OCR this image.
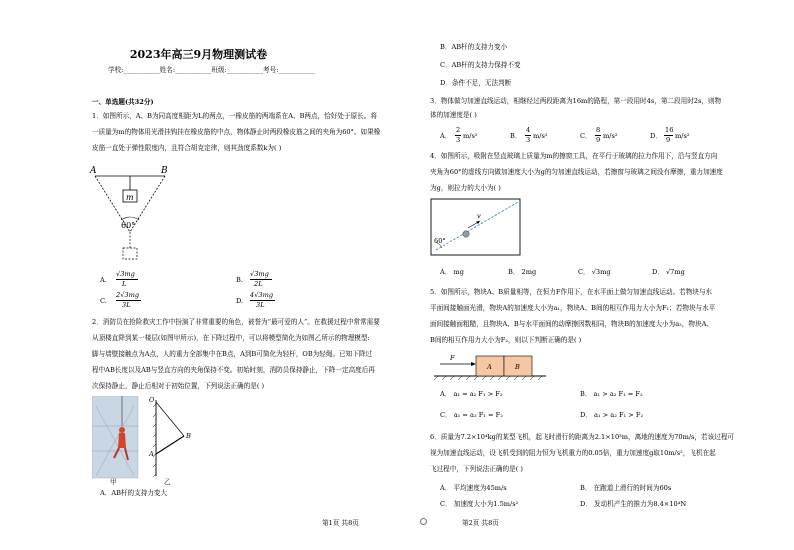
2023年高三9月物理测试卷
学校:___________姓名:___________班级:___________考号:___________
一、单选题(共32分)
1．如图所示，A、B为同高度相距为L的两点，一橡皮筋的两端系在A、B两点，恰好处于原长。将
一质量为m的物体用光滑挂钩挂在橡皮筋的中点，物体静止时两段橡皮筋之间的夹角为60°。如果橡
皮筋一直处于弹性限度内，且符合胡克定律，则其劲度系数k为( )
A	B
m
60°
A.
√3mg
L	B.
√3mg
2L
C.
2√3mg
3L	D.
4√3mg
3L
2．消防员在抢险救灾工作中扮演了非常重要的角色，被誉为“最可爱的人”。在救援过程中常常需要
从顶楼直降到某一楼层(如图甲所示)，在下降过程中，可以将模型简化为如图乙所示的物理模型:
脚与墙壁接触点为A点，人的重力全部集中在B点，A到B可简化为轻杆，OB为轻绳。已知下降过
程中AB长度以及AB与竖直方向的夹角保持不变。初始时刻，消防员保持静止，下降一定高度后再
次保持静止，静止后相对于初始位置，下列说法正确的是( )
甲
O
A
B
乙
A．AB杆的支持力变大
第1页 共8页	第2页 共8页
B．AB杆的支持力变小
C．AB杆的支持力保持不变
D．条件不足，无法判断
3．物体做匀加速直线运动，相继经过两段距离为16m的路程，第一段用时4s，第二段用时2s，则物
体的加速度是( )
A．
2
3 m/s²	B．
4
3 m/s²	C．
8
9 m/s²	D．
16
9 m/s²
4．如图所示，吸附在竖直玻璃上质量为m的擦窗工具，在平行于玻璃的拉力作用下，沿与竖直方向
夹角为60°的虚线方向做加速度大小为g的匀加速直线运动，若擦窗与玻璃之间没有摩擦，重力加速度
为g，则拉力的大小为( )
v
60°
A． mg	B． 2mg	C． √3mg	D． √7mg
5．如图所示，物块A、B质量相等，在恒力F作用下，在水平面上做匀加速直线运动。若物块与水
平面间接触面光滑，物块A的加速度大小为a₁，物块A、B间的相互作用力大小为F₁；若物块与水平
面间接触面粗糙，且物块A、B与水平面间的动摩擦因数相同，物块B的加速度大小为a₂，物块A、
B间的相互作用力大小为F₂，则以下判断正确的是( )
F
A	B
A． a₁ = a₂ F₁ > F₂	B． a₁ > a₂ F₁ = F₂
C． a₁ = a₂ F₁ = F₂	D． a₁ > a₂ F₁ > F₂
6．质量为7.2×10⁴kg的某型飞机，起飞时滑行的距离为2.1×10³m，离地的速度为70m/s，若该过程可
视为加速直线运动，设飞机受到的阻力恒为飞机重力的0.05倍，重力加速度g取10m/s²，飞机在起
飞过程中，下列说法正确的是( )
A． 平均速度为45m/s	B． 在跑道上滑行的时间为60s
C． 加速度大小为1.5m/s²	D． 发动机产生的推力为8.4×10⁴N
